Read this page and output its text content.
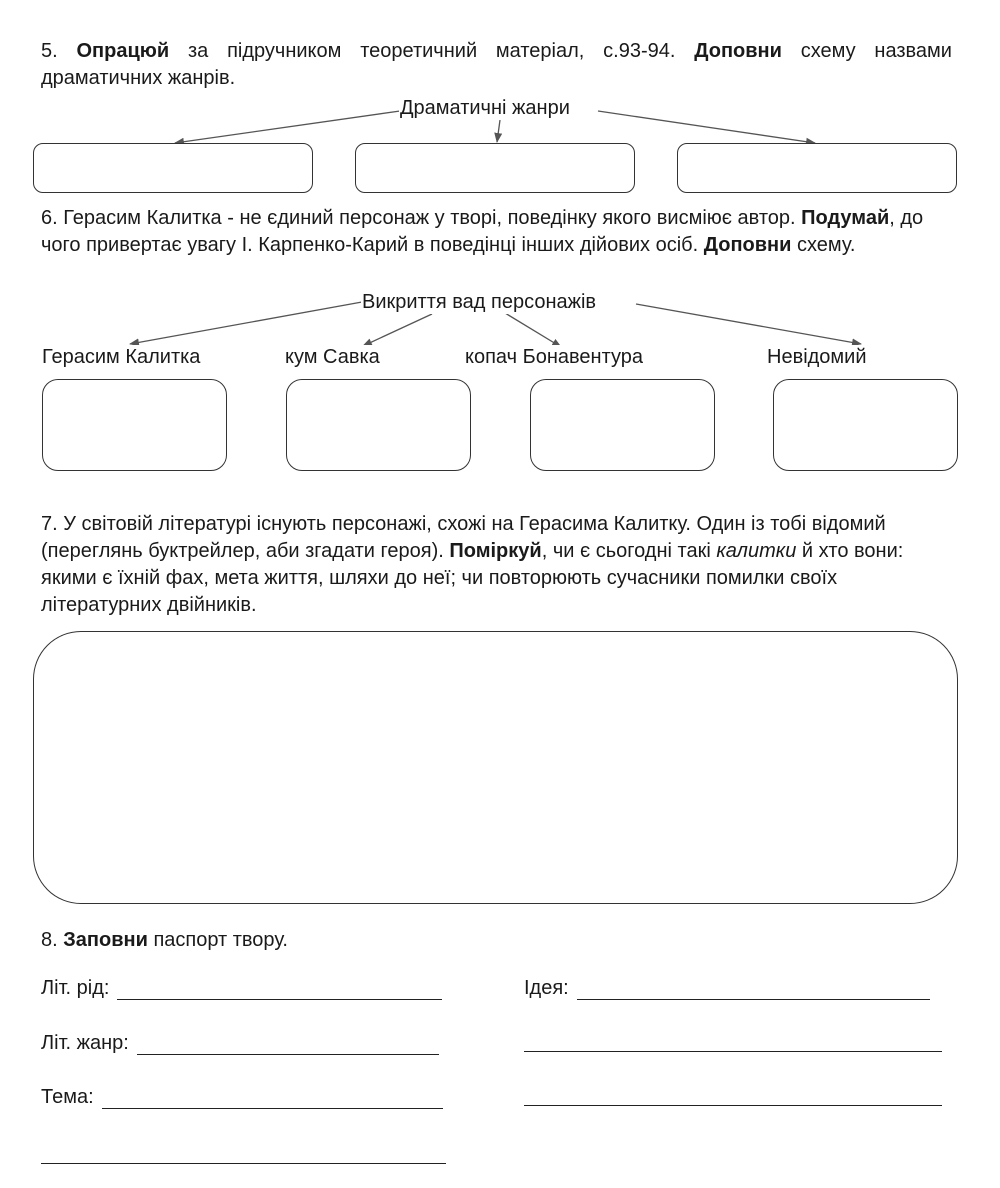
5. Опрацюй за підручником теоретичний матеріал, с.93-94. Доповни схему назвами драматичних жанрів.
Драматичні жанри
6. Герасим Калитка - не єдиний персонаж у творі, поведінку якого висміює автор. Подумай, до чого привертає увагу І. Карпенко-Карий в поведінці інших дійових осіб. Доповни схему.
Викриття вад персонажів
Герасим Калитка	кум Савка	копач Бонавентура	Невідомий
7. У світовій літературі існують персонажі, схожі на Герасима Калитку. Один із тобі відомий (переглянь буктрейлер, аби згадати героя). Поміркуй, чи є сьогодні такі калитки й хто вони: якими є їхній фах, мета життя, шляхи до неї; чи повторюють сучасники помилки своїх літературних двійників.
8. Заповни паспорт твору.
Літ. рід:	Ідея:
Літ. жанр:
Тема:
